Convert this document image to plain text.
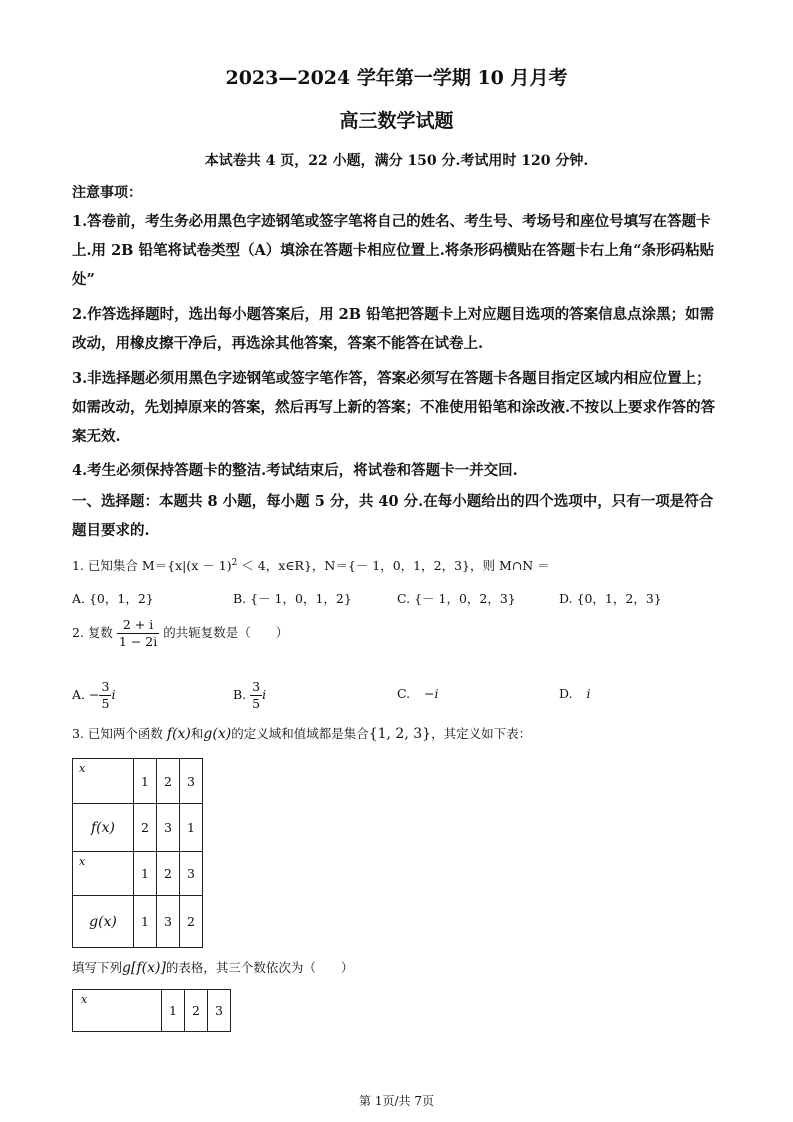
2023—2024 学年第一学期 10 月月考
高三数学试题
本试卷共 4 页，22 小题，满分 150 分.考试用时 120 分钟.
注意事项：
1.答卷前，考生务必用黑色字迹钢笔或签字笔将自己的姓名、考生号、考场号和座位号填写在答题卡上.用 2B 铅笔将试卷类型（A）填涂在答题卡相应位置上.将条形码横贴在答题卡右上角“条形码粘贴处”
2.作答选择题时，选出每小题答案后，用 2B 铅笔把答题卡上对应题目选项的答案信息点涂黑；如需改动，用橡皮擦干净后，再选涂其他答案，答案不能答在试卷上.
3.非选择题必须用黑色字迹钢笔或签字笔作答，答案必须写在答题卡各题目指定区域内相应位置上；如需改动，先划掉原来的答案，然后再写上新的答案；不准使用铅笔和涂改液.不按以上要求作答的答案无效.
4.考生必须保持答题卡的整洁.考试结束后，将试卷和答题卡一并交回.
一、选择题：本题共 8 小题，每小题 5 分，共 40 分.在每小题给出的四个选项中，只有一项是符合题目要求的.
1. 已知集合 $M=\{x|(x - 1)^2 < 4$，x∈R}，N＝{－ 1，0，1，2，3}，则 M∩N ＝
A. {0，1，2}	B. {－ 1，0，1，2}	C. {－ 1，0，2，3}	D. {0，1，2，3}
2. 复数 $\frac{2 + i}{1 - 2i}$ 的共轭复数是（　　）
A. − $\frac{3}{5}$ i	B. $\frac{3}{5}$ i	C. −i	D. i
3. 已知两个函数 f(x)和g(x)的定义域和值域都是集合{1, 2, 3}，其定义如下表：
x	1	2	3
f(x)	2	3	1
x	1	2	3
g(x)	1	3	2
填写下列g[f(x)]的表格，其三个数依次为（　　）
x	1	2	3
第 1页/共 7页
